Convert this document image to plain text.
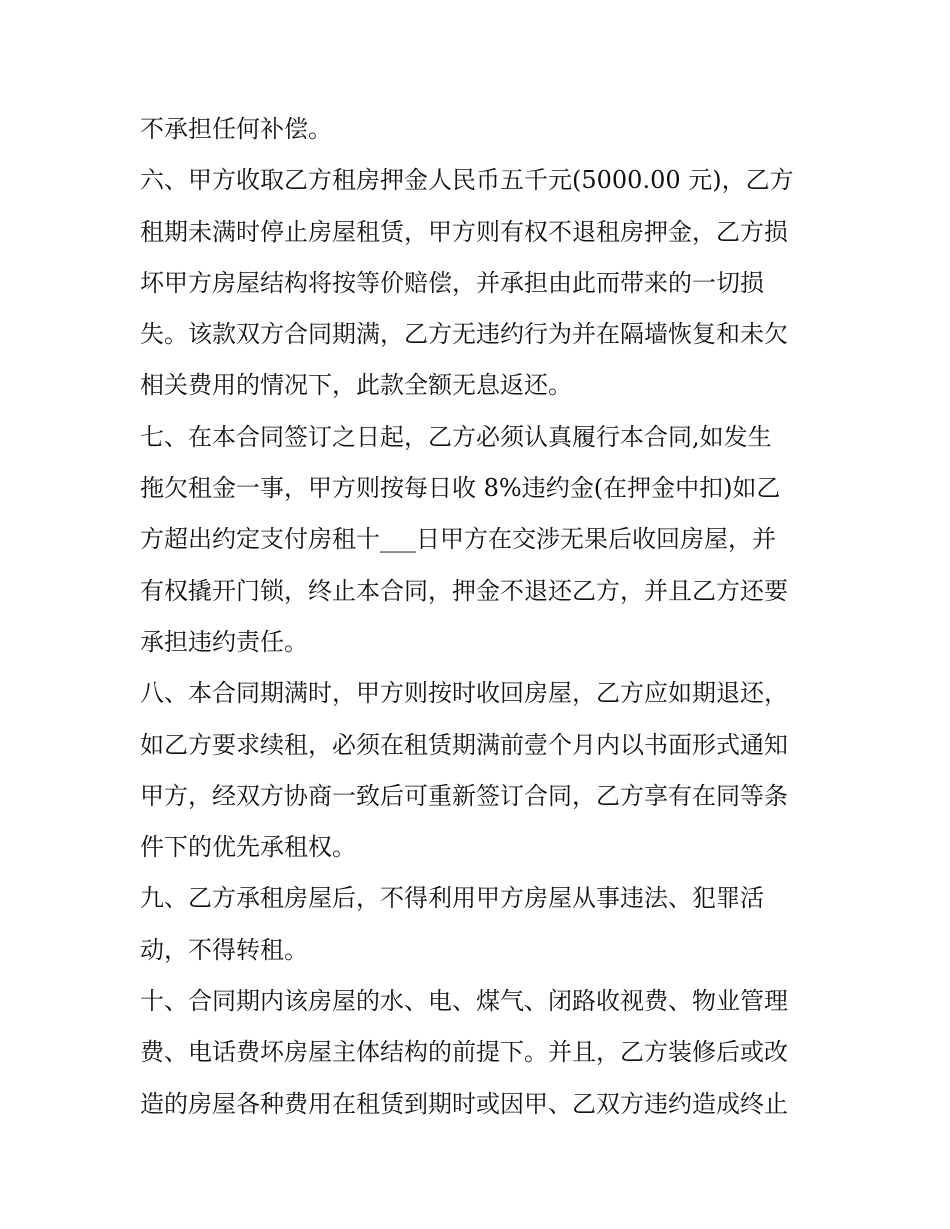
不承担任何补偿。
六、甲方收取乙方租房押金人民币五千元(5000.00 元)，乙方
租期未满时停止房屋租赁，甲方则有权不退租房押金，乙方损
坏甲方房屋结构将按等价赔偿，并承担由此而带来的一切损
失。该款双方合同期满，乙方无违约行为并在隔墙恢复和未欠
相关费用的情况下，此款全额无息返还。
七、在本合同签订之日起，乙方必须认真履行本合同,如发生
拖欠租金一事，甲方则按每日收 8%违约金(在押金中扣)如乙
方超出约定支付房租十___日甲方在交涉无果后收回房屋，并
有权撬开门锁，终止本合同，押金不退还乙方，并且乙方还要
承担违约责任。
八、本合同期满时，甲方则按时收回房屋，乙方应如期退还，
如乙方要求续租，必须在租赁期满前壹个月内以书面形式通知
甲方，经双方协商一致后可重新签订合同，乙方享有在同等条
件下的优先承租权。
九、乙方承租房屋后，不得利用甲方房屋从事违法、犯罪活
动，不得转租。
十、合同期内该房屋的水、电、煤气、闭路收视费、物业管理
费、电话费坏房屋主体结构的前提下。并且，乙方装修后或改
造的房屋各种费用在租赁到期时或因甲、乙双方违约造成终止
